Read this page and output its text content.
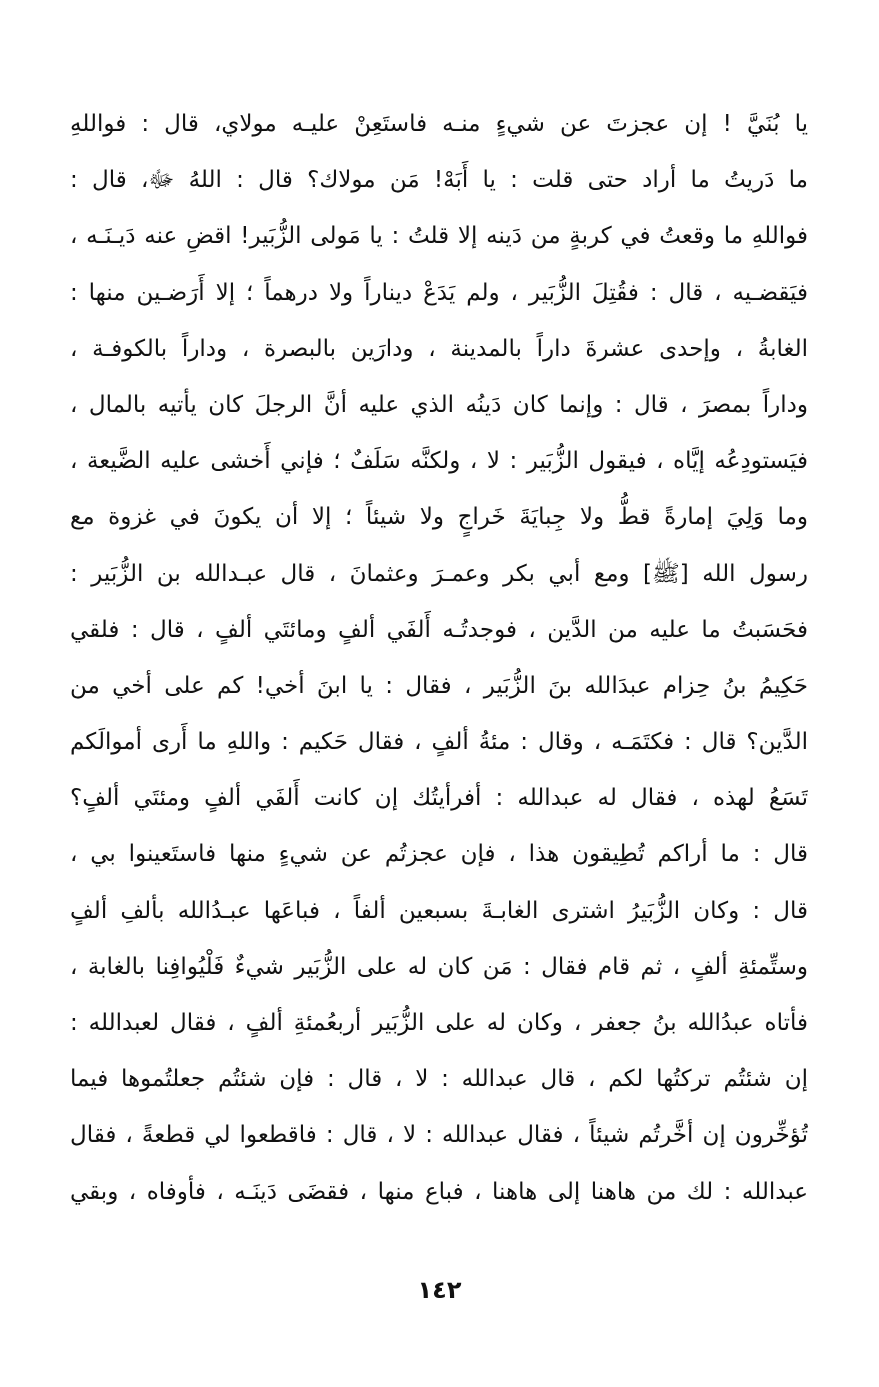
يا بُنَيَّ ! إن عجزتَ عن شيءٍ منـه فاستَعِنْ عليـه مولاي، قال : فواللهِ
ما دَريتُ ما أراد حتى قلت : يا أَبَهْ! مَن مولاك؟ قال : اللهُ ﷻ، قال :
فواللهِ ما وقعتُ في كربةٍ من دَينه إلا قلتُ : يا مَولى الزُّبَير! اقضِ عنه دَيـنَـه ،
فيَقضـيه ، قال : فقُتِلَ الزُّبَير ، ولم يَدَعْ ديناراً ولا درهماً ؛ إلا أَرَضـين منها :
الغابةُ ، وإحدى عشرةَ داراً بالمدينة ، ودارَين بالبصرة ، وداراً بالكوفـة ،
وداراً بمصرَ ، قال : وإنما كان دَينُه الذي عليه أنَّ الرجلَ كان يأتيه بالمال ،
فيَستودِعُه إيَّاه ، فيقول الزُّبَير : لا ، ولكنَّه سَلَفٌ ؛ فإني أَخشى عليه الضَّيعة ،
وما وَلِيَ إمارةً قطُّ ولا جِبايَةَ خَراجٍ ولا شيئاً ؛ إلا أن يكونَ في غزوة مع
رسول الله [ﷺ] ومع أبي بكر وعمـرَ وعثمانَ ، قال عبـدالله بن الزُّبَير :
فحَسَبتُ ما عليه من الدَّين ، فوجدتُـه أَلفَي ألفٍ ومائتَي ألفٍ ، قال : فلقي
حَكِيمُ بنُ حِزام عبدَالله بنَ الزُّبَير ، فقال : يا ابنَ أخي! كم على أخي من
الدَّين؟ قال : فكتَمَـه ، وقال : مئةُ ألفٍ ، فقال حَكيم : واللهِ ما أَرى أموالَكم
تَسَعُ لهذه ، فقال له عبدالله : أفرأيتُك إن كانت أَلفَي ألفٍ ومئتَي ألفٍ؟
قال : ما أراكم تُطِيقون هذا ، فإن عجزتُم عن شيءٍ منها فاستَعينوا بي ،
قال : وكان الزُّبَيرُ اشترى الغابـةَ بسبعين ألفاً ، فباعَها عبـدُالله بألفِ ألفٍ
وستِّمئةِ ألفٍ ، ثم قام فقال : مَن كان له على الزُّبَير شيءٌ فَلْيُوافِنا بالغابة ،
فأتاه عبدُالله بنُ جعفر ، وكان له على الزُّبَير أربعُمئةِ ألفٍ ، فقال لعبدالله :
إن شئتُم تركتُها لكم ، قال عبدالله : لا ، قال : فإن شئتُم جعلتُموها فيما
تُؤخِّرون إن أخَّرتُم شيئاً ، فقال عبدالله : لا ، قال : فاقطعوا لي قطعةً ، فقال
عبدالله : لك من هاهنا إلى هاهنا ، فباع منها ، فقضَى دَينَـه ، فأوفاه ، وبقي
١٤٢
